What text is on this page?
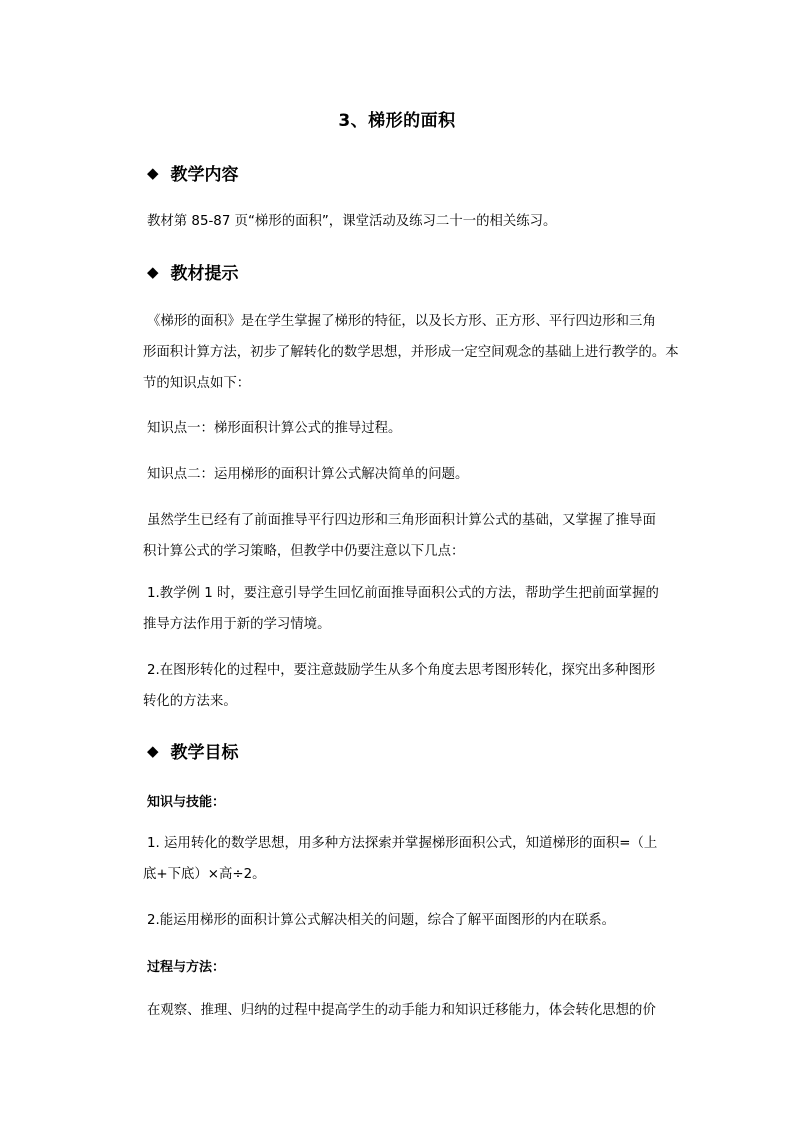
3、梯形的面积
◆ 教学内容
教材第 85-87 页“梯形的面积”，课堂活动及练习二十一的相关练习。
◆ 教材提示
《梯形的面积》是在学生掌握了梯形的特征，以及长方形、正方形、平行四边形和三角
形面积计算方法，初步了解转化的数学思想，并形成一定空间观念的基础上进行教学的。本
节的知识点如下：
知识点一：梯形面积计算公式的推导过程。
知识点二：运用梯形的面积计算公式解决简单的问题。
虽然学生已经有了前面推导平行四边形和三角形面积计算公式的基础，又掌握了推导面
积计算公式的学习策略，但教学中仍要注意以下几点：
1.教学例 1 时，要注意引导学生回忆前面推导面积公式的方法，帮助学生把前面掌握的
推导方法作用于新的学习情境。
2.在图形转化的过程中，要注意鼓励学生从多个角度去思考图形转化，探究出多种图形
转化的方法来。
◆ 教学目标
知识与技能：
1. 运用转化的数学思想，用多种方法探索并掌握梯形面积公式，知道梯形的面积=（上
底+下底）×高÷2。
2.能运用梯形的面积计算公式解决相关的问题，综合了解平面图形的内在联系。
过程与方法：
在观察、推理、归纳的过程中提高学生的动手能力和知识迁移能力，体会转化思想的价
